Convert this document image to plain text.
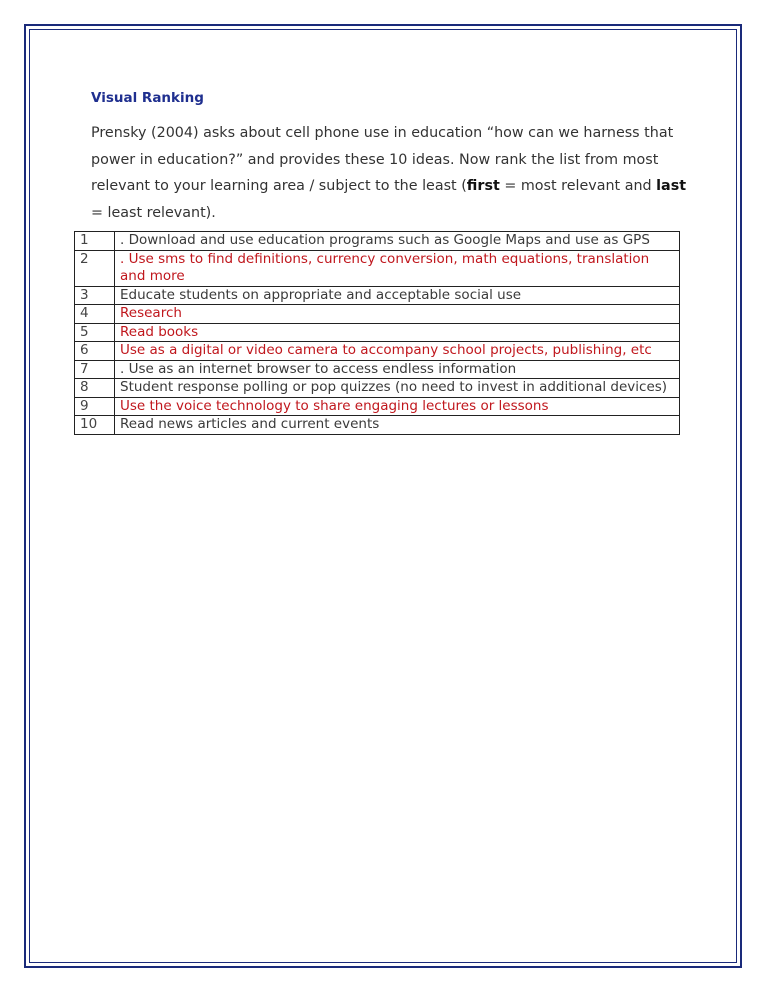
Visual Ranking
Prensky (2004) asks about cell phone use in education “how can we harness that power in education?” and provides these 10 ideas. Now rank the list from most relevant to your learning area / subject to the least (first = most relevant and last = least relevant).
1	. Download and use education programs such as Google Maps and use as GPS
2	. Use sms to find definitions, currency conversion, math equations, translation and more
3	Educate students on appropriate and acceptable social use
4	Research
5	Read books
6	Use as a digital or video camera to accompany school projects, publishing, etc
7	. Use as an internet browser to access endless information
8	Student response polling or pop quizzes (no need to invest in additional devices)
9	Use the voice technology to share engaging lectures or lessons
10	Read news articles and current events
